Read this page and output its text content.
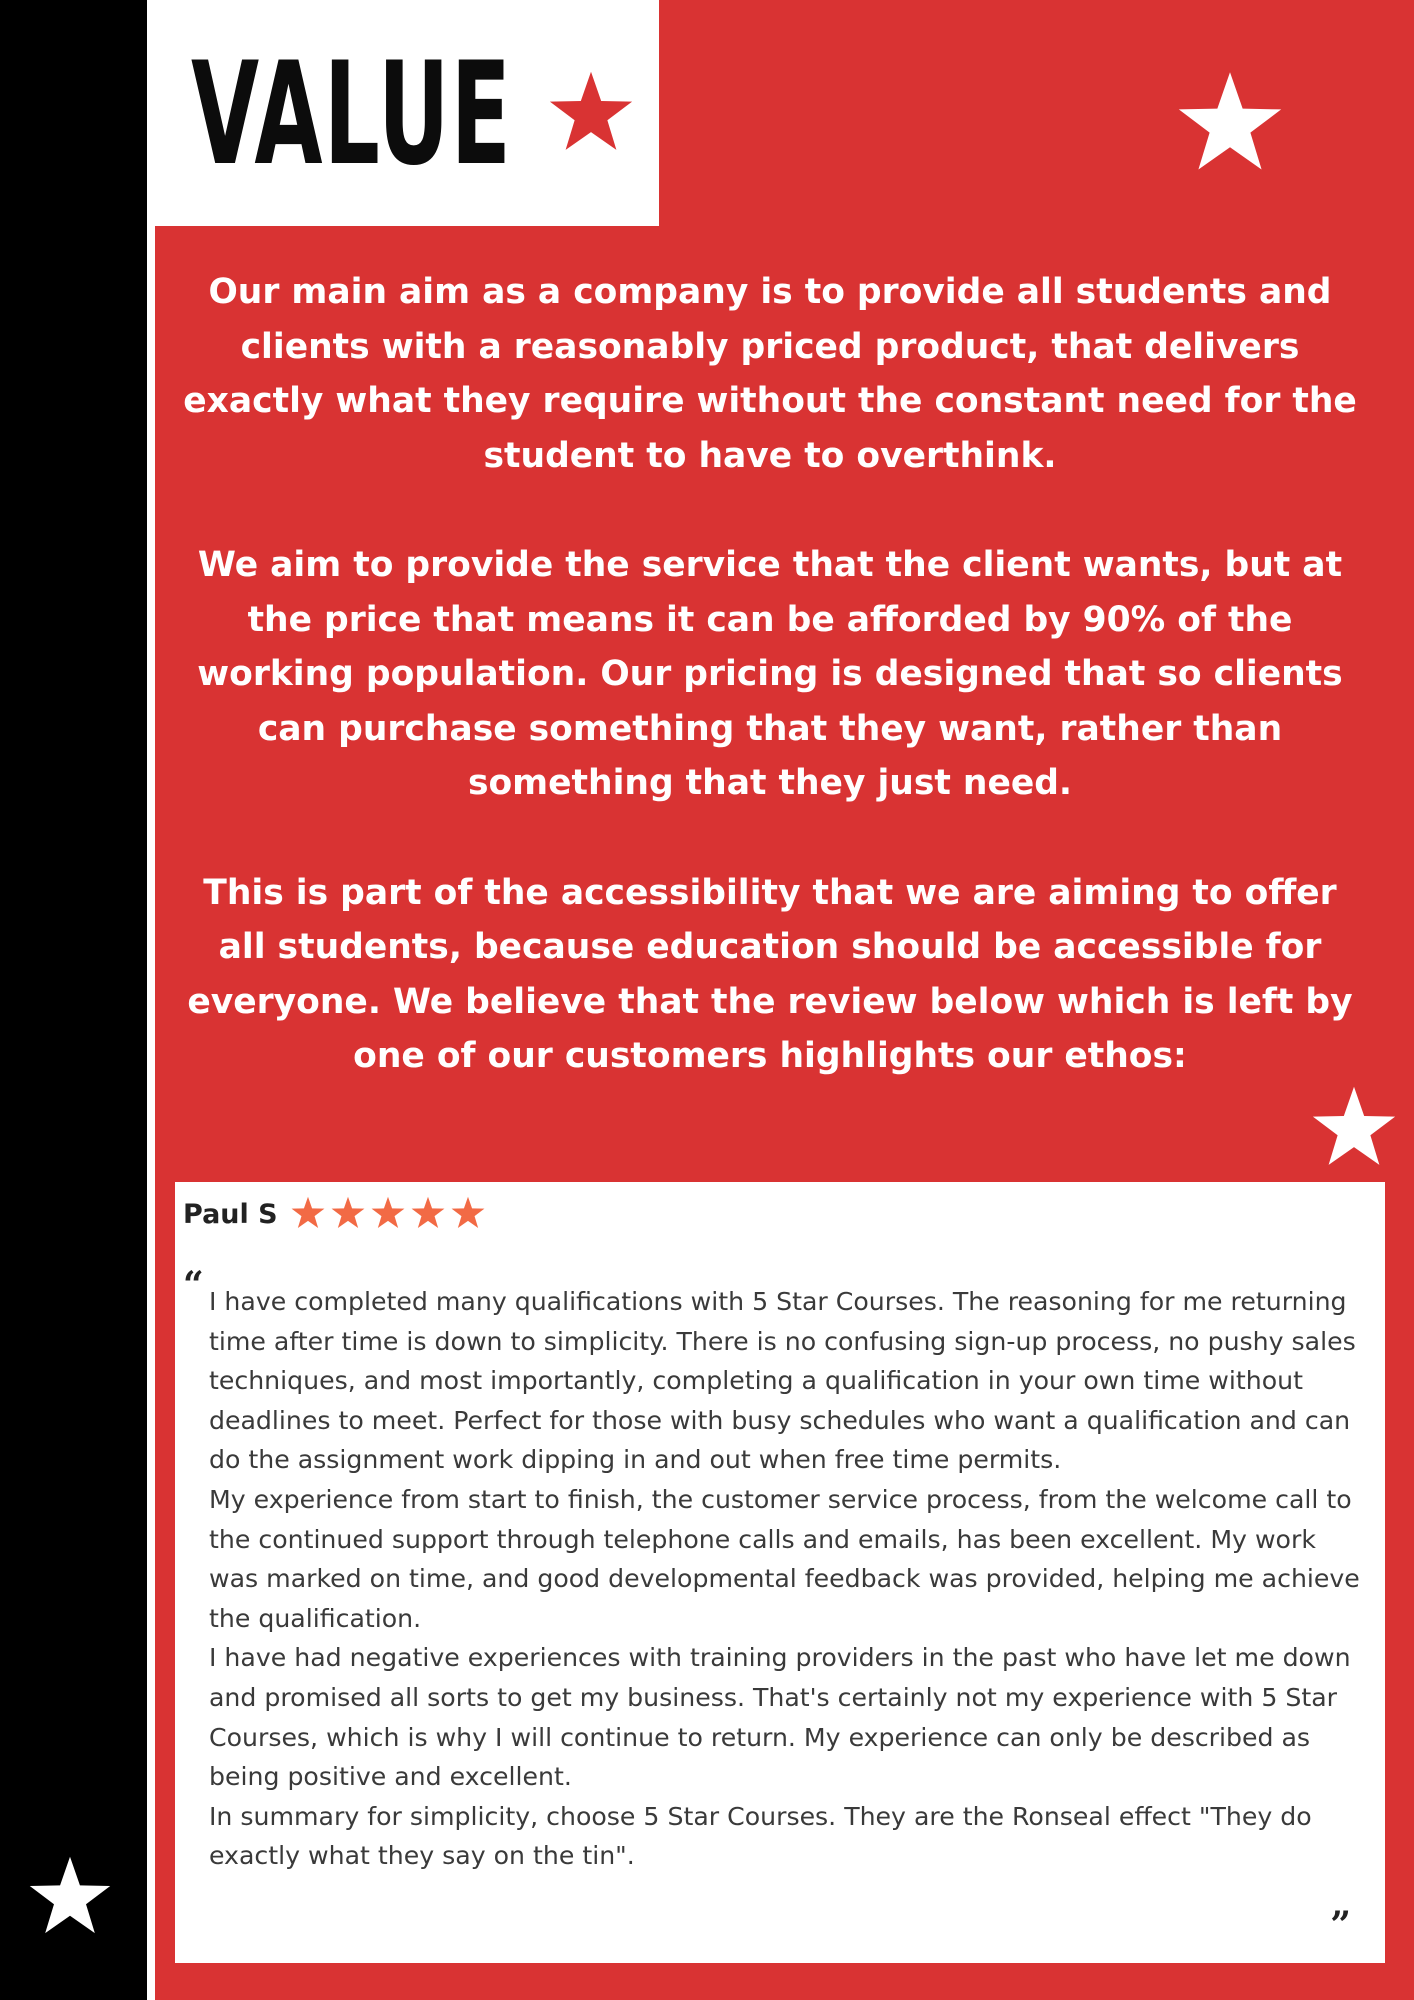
VALUE

Our main aim as a company is to provide all students and clients with a reasonably priced product, that delivers exactly what they require without the constant need for the student to have to overthink.

We aim to provide the service that the client wants, but at the price that means it can be afforded by 90% of the working population. Our pricing is designed that so clients can purchase something that they want, rather than something that they just need.

This is part of the accessibility that we are aiming to offer all students, because education should be accessible for everyone. We believe that the review below which is left by one of our customers highlights our ethos:

Paul S
“ I have completed many qualifications with 5 Star Courses. The reasoning for me returning time after time is down to simplicity. There is no confusing sign-up process, no pushy sales techniques, and most importantly, completing a qualification in your own time without deadlines to meet. Perfect for those with busy schedules who want a qualification and can do the assignment work dipping in and out when free time permits.

My experience from start to finish, the customer service process, from the welcome call to the continued support through telephone calls and emails, has been excellent. My work was marked on time, and good developmental feedback was provided, helping me achieve the qualification.

I have had negative experiences with training providers in the past who have let me down and promised all sorts to get my business. That's certainly not my experience with 5 Star Courses, which is why I will continue to return. My experience can only be described as being positive and excellent.

In summary for simplicity, choose 5 Star Courses. They are the Ronseal effect "They do exactly what they say on the tin".

”
